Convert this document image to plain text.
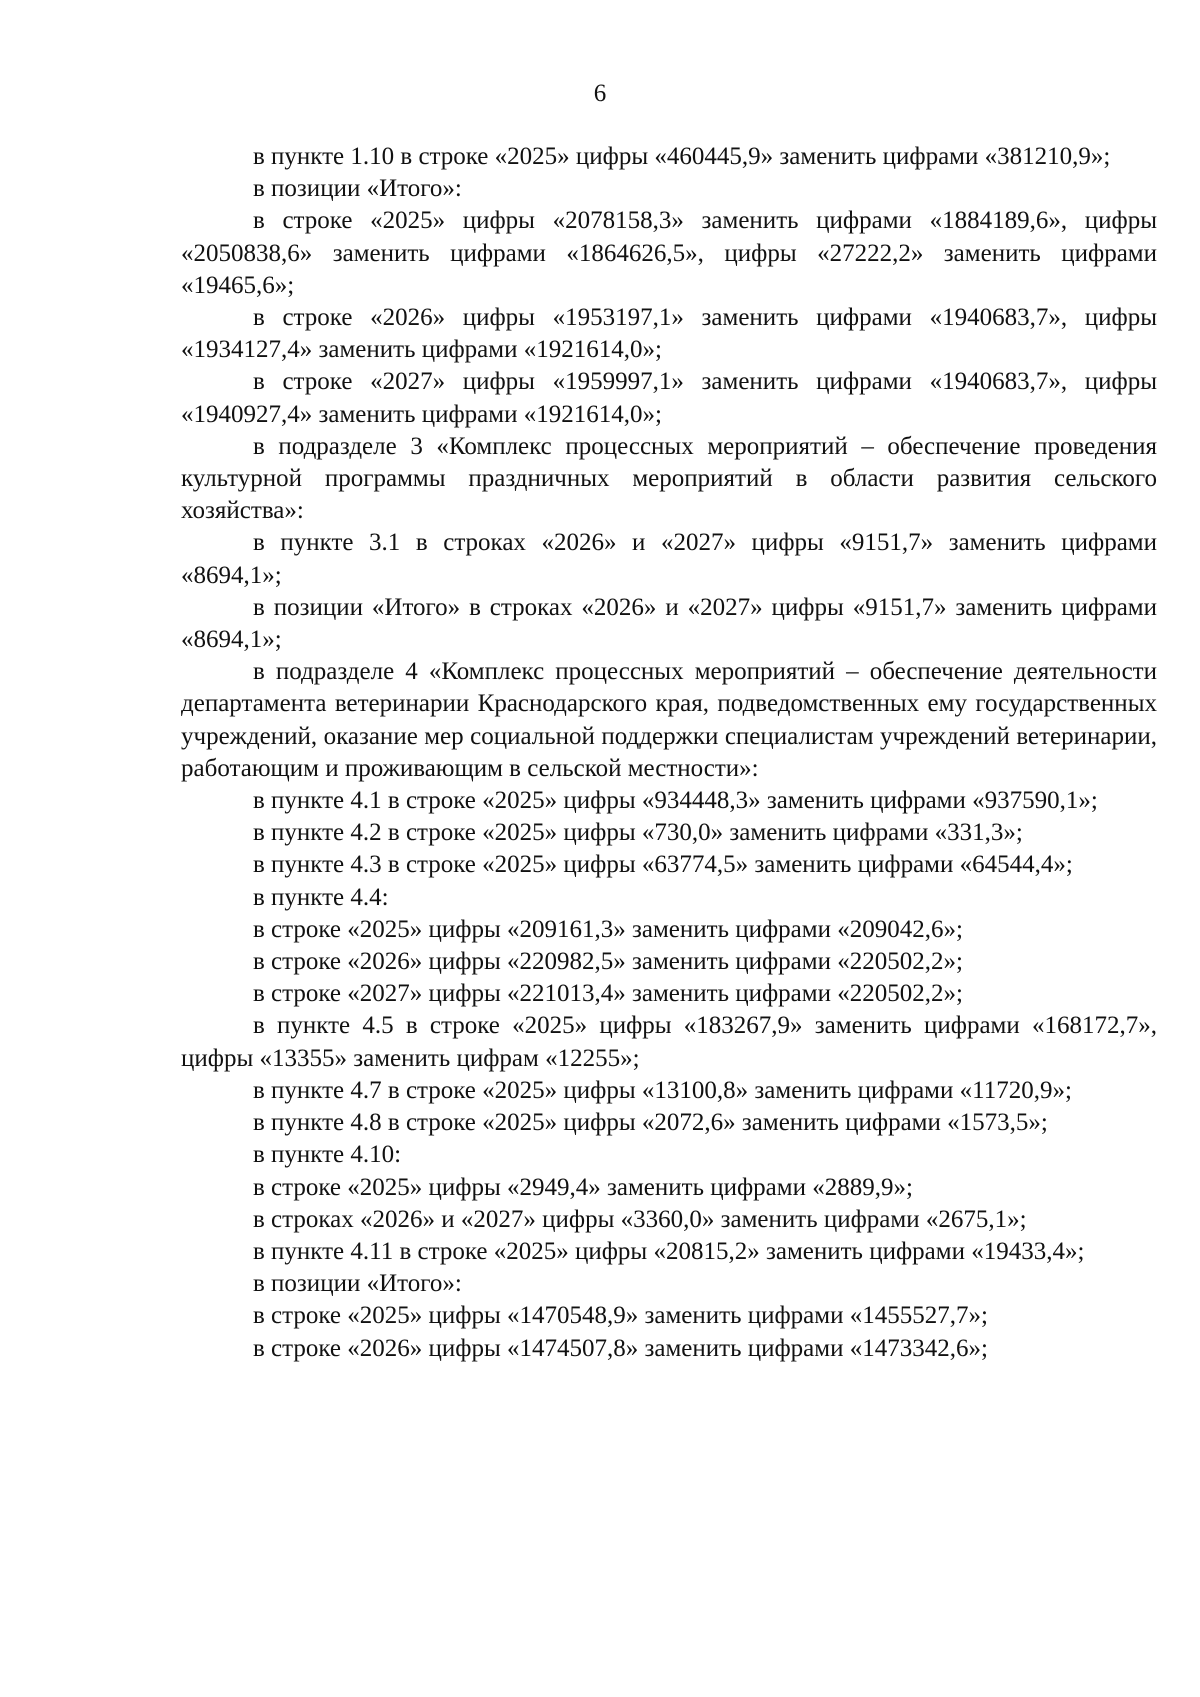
6

в пункте 1.10 в строке «2025» цифры «460445,9» заменить цифрами «381210,9»;

в позиции «Итого»:

в строке «2025» цифры «2078158,3» заменить цифрами «1884189,6», цифры «2050838,6» заменить цифрами «1864626,5», цифры «27222,2» заменить цифрами «19465,6»;

в строке «2026» цифры «1953197,1» заменить цифрами «1940683,7», цифры «1934127,4» заменить цифрами «1921614,0»;

в строке «2027» цифры «1959997,1» заменить цифрами «1940683,7», цифры «1940927,4» заменить цифрами «1921614,0»;

в подразделе 3 «Комплекс процессных мероприятий – обеспечение проведения культурной программы праздничных мероприятий в области развития сельского хозяйства»:

в пункте 3.1 в строках «2026» и «2027» цифры «9151,7» заменить цифрами «8694,1»;

в позиции «Итого» в строках «2026» и «2027» цифры «9151,7» заменить цифрами «8694,1»;

в подразделе 4 «Комплекс процессных мероприятий – обеспечение деятельности департамента ветеринарии Краснодарского края, подведомственных ему государственных учреждений, оказание мер социальной поддержки специалистам учреждений ветеринарии, работающим и проживающим в сельской местности»:

в пункте 4.1 в строке «2025» цифры «934448,3» заменить цифрами «937590,1»;

в пункте 4.2 в строке «2025» цифры «730,0» заменить цифрами «331,3»;

в пункте 4.3 в строке «2025» цифры «63774,5» заменить цифрами «64544,4»;

в пункте 4.4:

в строке «2025» цифры «209161,3» заменить цифрами «209042,6»;

в строке «2026» цифры «220982,5» заменить цифрами «220502,2»;

в строке «2027» цифры «221013,4» заменить цифрами «220502,2»;

в пункте 4.5 в строке «2025» цифры «183267,9» заменить цифрами «168172,7», цифры «13355» заменить цифрам «12255»;

в пункте 4.7 в строке «2025» цифры «13100,8» заменить цифрами «11720,9»;

в пункте 4.8 в строке «2025» цифры «2072,6» заменить цифрами «1573,5»;

в пункте 4.10:

в строке «2025» цифры «2949,4» заменить цифрами «2889,9»;

в строках «2026» и «2027» цифры «3360,0» заменить цифрами «2675,1»;

в пункте 4.11 в строке «2025» цифры «20815,2» заменить цифрами «19433,4»;

в позиции «Итого»:

в строке «2025» цифры «1470548,9» заменить цифрами «1455527,7»;

в строке «2026» цифры «1474507,8» заменить цифрами «1473342,6»;
